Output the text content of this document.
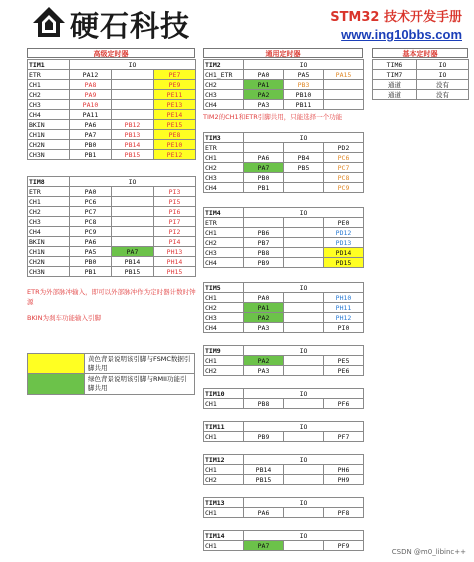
硬石科技	STM32 技术开发手册
www.ing10bbs.com
高级定时器
TIM1	IO		
ETR	PA12		PE7
CH1	PA8		PE9
CH2	PA9		PE11
CH3	PA10		PE13
CH4	PA11		PE14
BKIN	PA6	PB12	PE15
CH1N	PA7	PB13	PE8
CH2N	PB0	PB14	PE10
CH3N	PB1	PB15	PE12
TIM8	IO		
ETR	PA0		PI3
CH1	PC6		PI5
CH2	PC7		PI6
CH3	PC8		PI7
CH4	PC9		PI2
BKIN	PA6		PI4
CH1N	PA5	PA7	PH13
CH2N	PB0	PB14	PH14
CH3N	PB1	PB15	PH15
ETR为外部脉冲输入，即可以外部脉冲作为定时器计数时钟源
BKIN为刹车功能输入引脚
黄色背景说明该引脚与FSMC数据引脚共用
绿色背景说明该引脚与RMII功能引脚共用
通用定时器
TIM2	IO		
CH1_ETR	PA0	PA5	PA15
CH2	PA1	PB3	
CH3	PA2	PB10	
CH4	PA3	PB11	
TIM2的CH1和ETR引脚共用，只能选择一个功能
TIM3	IO		
ETR			PD2
CH1	PA6	PB4	PC6
CH2	PA7	PB5	PC7
CH3	PB0		PC8
CH4	PB1		PC9
TIM4	IO		
ETR			PE0
CH1	PB6		PD12
CH2	PB7		PD13
CH3	PB8		PD14
CH4	PB9		PD15
TIM5	IO		
CH1	PA0		PH10
CH2	PA1		PH11
CH3	PA2		PH12
CH4	PA3		PI0
TIM9	IO		
CH1	PA2		PE5
CH2	PA3		PE6
TIM10	IO		
CH1	PB8		PF6
TIM11	IO		
CH1	PB9		PF7
TIM12	IO		
CH1	PB14		PH6
CH2	PB15		PH9
TIM13	IO		
CH1	PA6		PF8
TIM14	IO		
CH1	PA7		PF9
基本定时器
TIM6	IO
TIM7	IO
通道	没有
通道	没有
CSDN @m0_libinc++
